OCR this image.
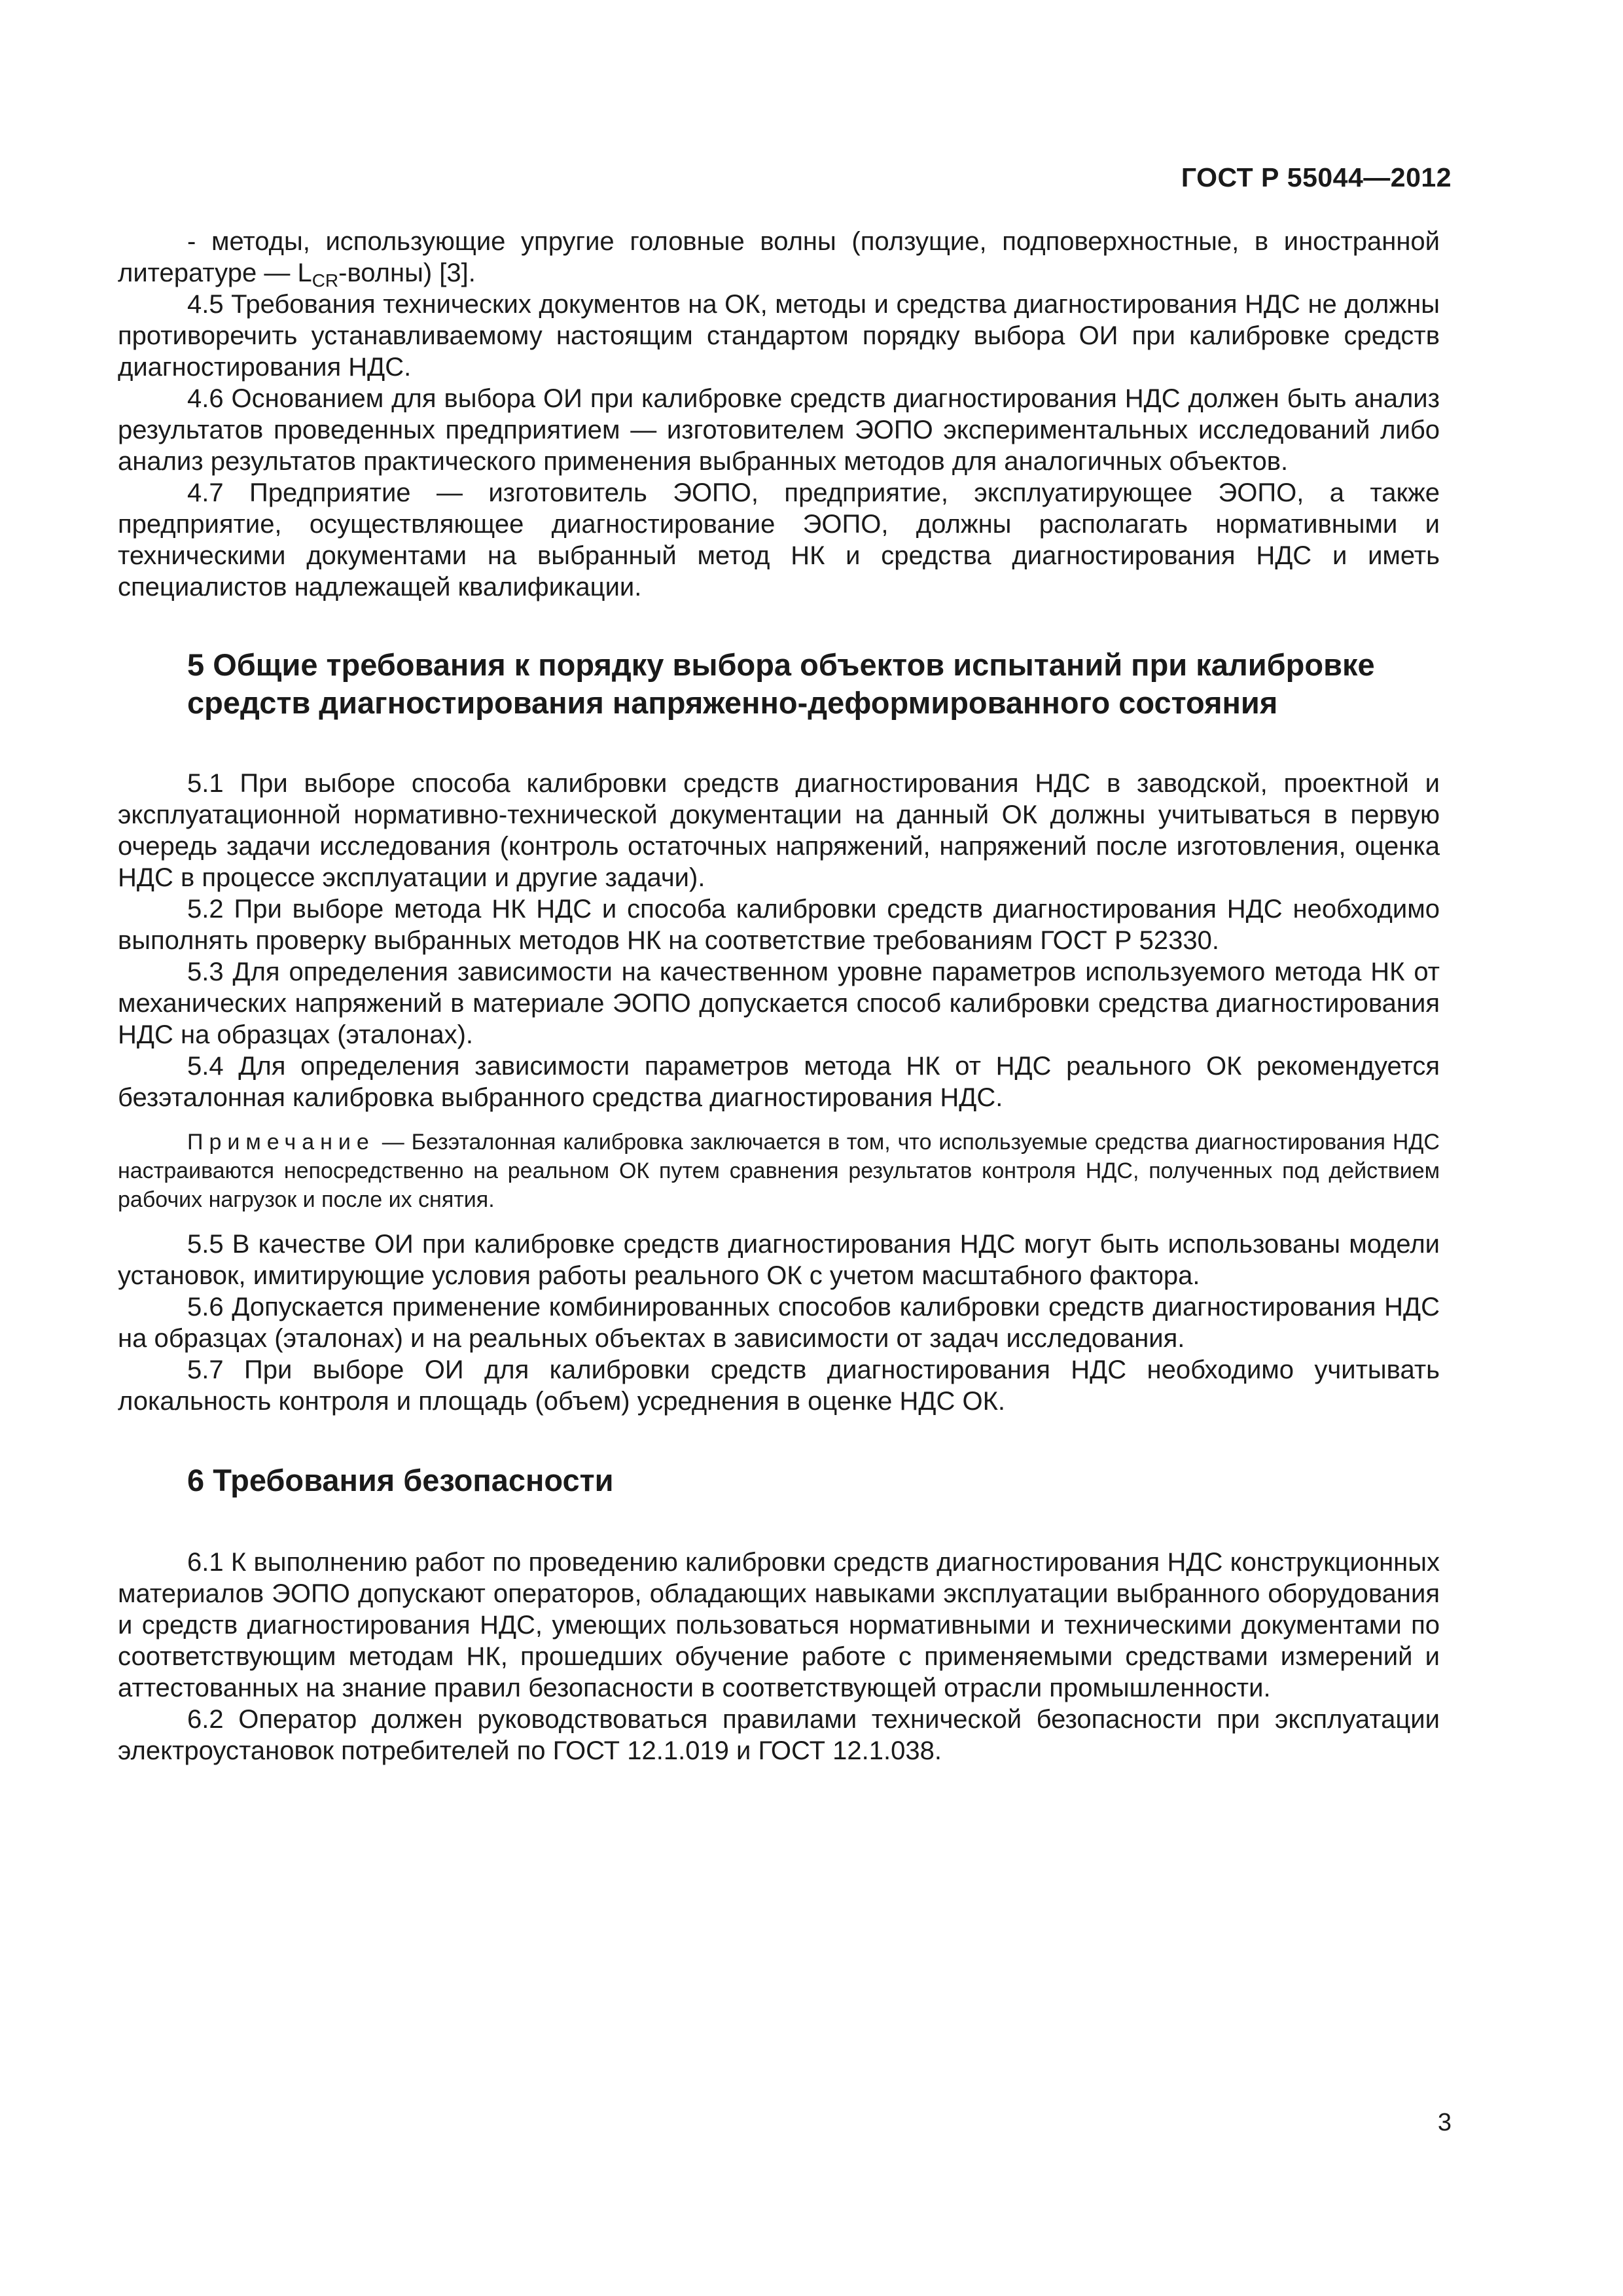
ГОСТ Р 55044—2012

- методы, использующие упругие головные волны (ползущие, подповерхностные, в иностранной литературе — $L_{CR}-волны$) [3].

4.5 Требования технических документов на ОК, методы и средства диагностирования НДС не должны противоречить устанавливаемому настоящим стандартом порядку выбора ОИ при калибровке средств диагностирования НДС.

4.6 Основанием для выбора ОИ при калибровке средств диагностирования НДС должен быть анализ результатов проведенных предприятием — изготовителем ЭОПО экспериментальных исследований либо анализ результатов практического применения выбранных методов для аналогичных объектов.

4.7 Предприятие — изготовитель ЭОПО, предприятие, эксплуатирующее ЭОПО, а также предприятие, осуществляющее диагностирование ЭОПО, должны располагать нормативными и техническими документами на выбранный метод НК и средства диагностирования НДС и иметь специалистов надлежащей квалификации.

5 Общие требования к порядку выбора объектов испытаний при калибровке
средств диагностирования напряженно-деформированного состояния

5.1 При выборе способа калибровки средств диагностирования НДС в заводской, проектной и эксплуатационной нормативно-технической документации на данный ОК должны учитываться в первую очередь задачи исследования (контроль остаточных напряжений, напряжений после изготовления, оценка НДС в процессе эксплуатации и другие задачи).

5.2 При выборе метода НК НДС и способа калибровки средств диагностирования НДС необходимо выполнять проверку выбранных методов НК на соответствие требованиям ГОСТ Р 52330.

5.3 Для определения зависимости на качественном уровне параметров используемого метода НК от механических напряжений в материале ЭОПО допускается способ калибровки средства диагностирования НДС на образцах (эталонах).

5.4 Для определения зависимости параметров метода НК от НДС реального ОК рекомендуется безэталонная калибровка выбранного средства диагностирования НДС.

Примечание — Безэталонная калибровка заключается в том, что используемые средства диагностирования НДС настраиваются непосредственно на реальном ОК путем сравнения результатов контроля НДС, полученных под действием рабочих нагрузок и после их снятия.

5.5 В качестве ОИ при калибровке средств диагностирования НДС могут быть использованы модели установок, имитирующие условия работы реального ОК с учетом масштабного фактора.

5.6 Допускается применение комбинированных способов калибровки средств диагностирования НДС на образцах (эталонах) и на реальных объектах в зависимости от задач исследования.

5.7 При выборе ОИ для калибровки средств диагностирования НДС необходимо учитывать локальность контроля и площадь (объем) усреднения в оценке НДС ОК.

6 Требования безопасности

6.1 К выполнению работ по проведению калибровки средств диагностирования НДС конструкционных материалов ЭОПО допускают операторов, обладающих навыками эксплуатации выбранного оборудования и средств диагностирования НДС, умеющих пользоваться нормативными и техническими документами по соответствующим методам НК, прошедших обучение работе с применяемыми средствами измерений и аттестованных на знание правил безопасности в соответствующей отрасли промышленности.

6.2 Оператор должен руководствоваться правилами технической безопасности при эксплуатации электроустановок потребителей по ГОСТ 12.1.019 и ГОСТ 12.1.038.

3
